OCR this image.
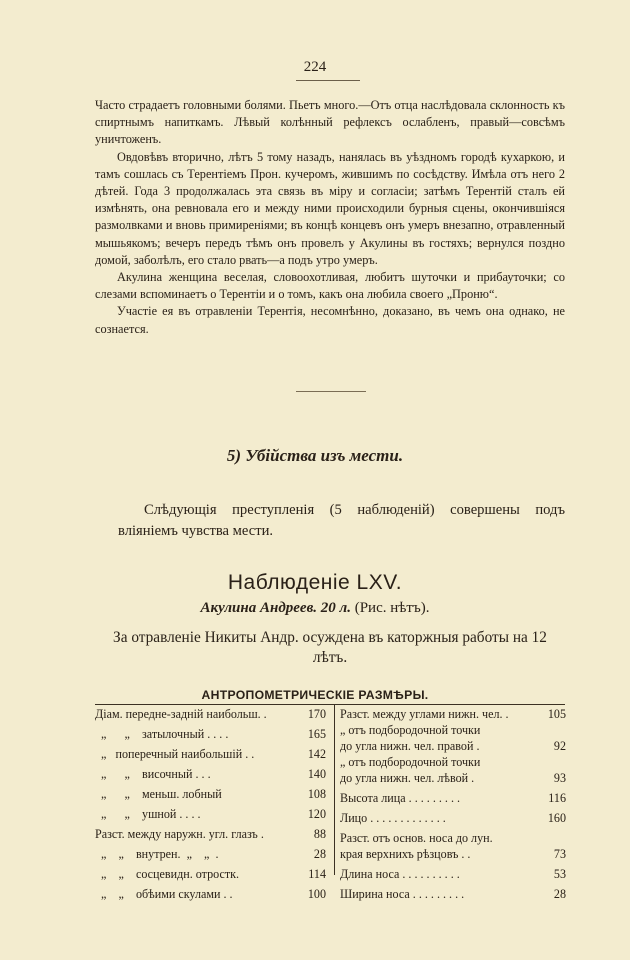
224

Часто страдаетъ головными болями. Пьетъ много.—Отъ отца наслѣдовала склонность къ спиртнымъ напиткамъ. Лѣвый колѣнный рефлексъ ослабленъ, правый—совсѣмъ уничтоженъ.

Овдовѣвъ вторично, лѣтъ 5 тому назадъ, нанялась въ уѣздномъ городѣ кухаркою, и тамъ сошлась съ Терентіемъ Прон. кучеромъ, жившимъ по сосѣдству. Имѣла отъ него 2 дѣтей. Года 3 продолжалась эта связь въ міру и согласіи; затѣмъ Терентій сталъ ей измѣнять, она ревновала его и между ними происходили бурныя сцены, окончившіяся размолвками и вновь примиреніями; въ концѣ концевъ онъ умеръ внезапно, отравленный мышьякомъ; вечеръ передъ тѣмъ онъ провелъ у Акулины въ гостяхъ; вернулся поздно домой, заболѣлъ, его стало рвать—а подъ утро умеръ.

Акулина женщина веселая, словоохотливая, любитъ шуточки и прибауточки; со слезами вспоминаетъ о Терентіи и о томъ, какъ она любила своего „Проню“.

Участіе ея въ отравленіи Терентія, несомнѣнно, доказано, въ чемъ она однако, не сознается.

5) Убійства изъ мести.
Слѣдующія преступленія (5 наблюденій) совершены подъ вліяніемъ чувства мести.
Наблюденіе LXV.
Акулина Андреев. 20 л. (Рис. нѣтъ).
За отравленіе Никиты Андр. осуждена въ каторжныя работы на 12 лѣтъ.
АНТРОПОМЕТРИЧЕСКІЕ РАЗМѢРЫ.
Діам. передне-задній наибольш. .	170
„      „    затылочный . . . .	165
„   поперечный наибольшій . .	142
„      „    височный . . .	140
„      „    меньш. лобный	108
„      „    ушной . . . .	120
Разст. между наружн. угл. глазъ .	88
„    „    внутрен.  „    „  .	28
„    „    сосцевидн. отростк.	114
„    „    обѣими скулами . .	100
Разст. между углами нижн. чел. .	105
„ отъ подбородочной точки
до угла нижн. чел. правой .	92
„ отъ подбородочной точки
до угла нижн. чел. лѣвой .	93
Высота лица . . . . . . . . .	116
Лицо . . . . . . . . . . . . .	160
Разст. отъ основ. носа до лун.
края верхнихъ рѣзцовъ . .	73
Длина носа . . . . . . . . . .	53
Ширина носа . . . . . . . . .	28
